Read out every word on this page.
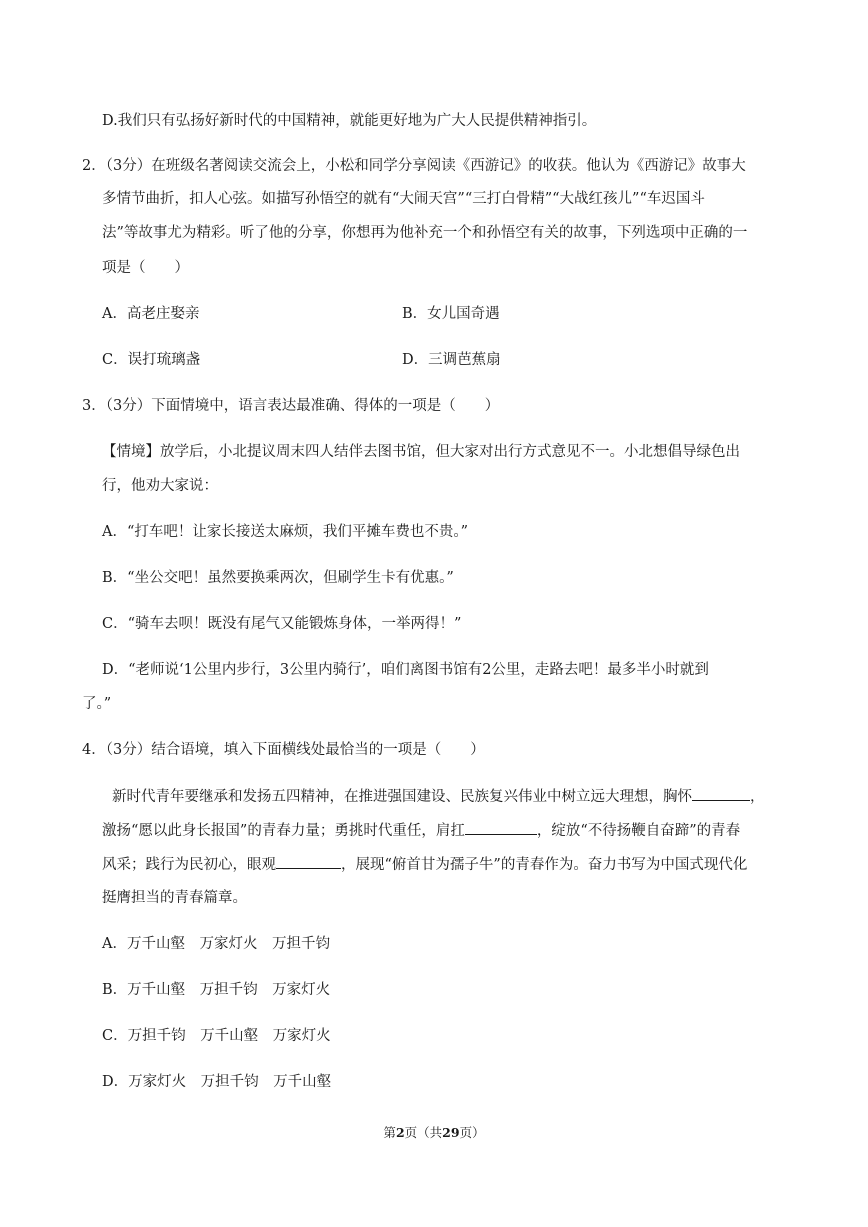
D.我们只有弘扬好新时代的中国精神，就能更好地为广大人民提供精神指引。
2．（3分）在班级名著阅读交流会上，小松和同学分享阅读《西游记》的收获。他认为《西游记》故事大
多情节曲折，扣人心弦。如描写孙悟空的就有“大闹天宫”“三打白骨精”“大战红孩儿”“车迟国斗
法”等故事尤为精彩。听了他的分享，你想再为他补充一个和孙悟空有关的故事，下列选项中正确的一
项是（　　）
A．高老庄娶亲	B．女儿国奇遇
C．误打琉璃盏	D．三调芭蕉扇
3．（3分）下面情境中，语言表达最准确、得体的一项是（　　）
【情境】放学后，小北提议周末四人结伴去图书馆，但大家对出行方式意见不一。小北想倡导绿色出
行，他劝大家说：
A．“打车吧！让家长接送太麻烦，我们平摊车费也不贵。”
B．“坐公交吧！虽然要换乘两次，但刷学生卡有优惠。”
C．“骑车去呗！既没有尾气又能锻炼身体，一举两得！”
D．“老师说‘1公里内步行，3公里内骑行’，咱们离图书馆有2公里，走路去吧！最多半小时就到
了。”
4．（3分）结合语境，填入下面横线处最恰当的一项是（　　）
新时代青年要继承和发扬五四精神，在推进强国建设、民族复兴伟业中树立远大理想，胸怀	，
激扬“愿以此身长报国”的青春力量；勇挑时代重任，肩扛	，绽放“不待扬鞭自奋蹄”的青春
风采；践行为民初心，眼观	，展现“俯首甘为孺子牛”的青春作为。奋力书写为中国式现代化
挺膺担当的青春篇章。
A．万千山壑　万家灯火　万担千钧
B．万千山壑　万担千钧　万家灯火
C．万担千钧　万千山壑　万家灯火
D．万家灯火　万担千钧　万千山壑
第2页（共29页）
